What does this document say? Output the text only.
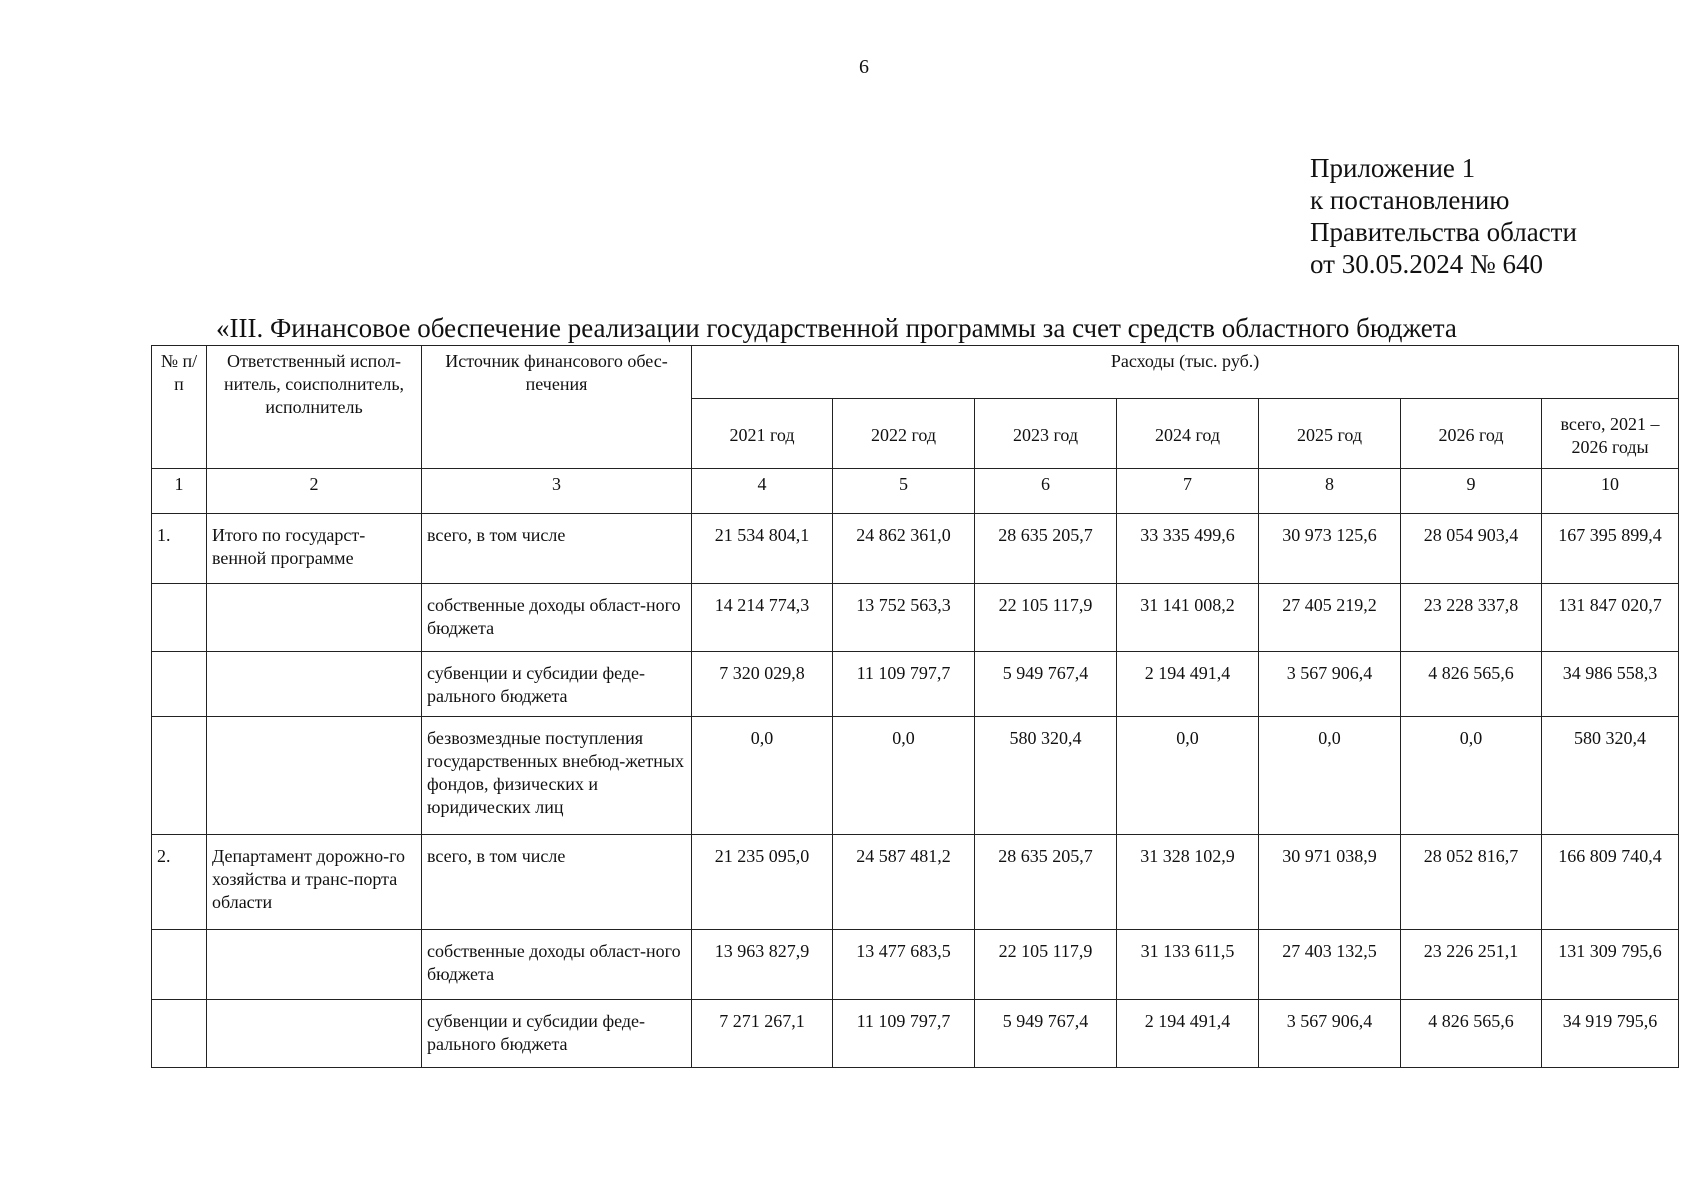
6
Приложение 1
к постановлению
Правительства области
от 30.05.2024 № 640
«III. Финансовое обеспечение реализации государственной программы за счет средств областного бюджета
№ п/п	Ответственный испол-нитель, соисполнитель, исполнитель	Источник финансового обес-печения	Расходы (тыс. руб.)						
			2021 год	2022 год	2023 год	2024 год	2025 год	2026 год	всего, 2021 – 2026 годы
1	2	3	4	5	6	7	8	9	10
1.	Итого по государст-венной программе	всего, в том числе	21 534 804,1	24 862 361,0	28 635 205,7	33 335 499,6	30 973 125,6	28 054 903,4	167 395 899,4
		собственные доходы област-ного бюджета	14 214 774,3	13 752 563,3	22 105 117,9	31 141 008,2	27 405 219,2	23 228 337,8	131 847 020,7
		субвенции и субсидии феде-рального бюджета	7 320 029,8	11 109 797,7	5 949 767,4	2 194 491,4	3 567 906,4	4 826 565,6	34 986 558,3
		безвозмездные поступления государственных внебюд-жетных фондов, физических и юридических лиц	0,0	0,0	580 320,4	0,0	0,0	0,0	580 320,4
2.	Департамент дорожно-го хозяйства и транс-порта области	всего, в том числе	21 235 095,0	24 587 481,2	28 635 205,7	31 328 102,9	30 971 038,9	28 052 816,7	166 809 740,4
		собственные доходы област-ного бюджета	13 963 827,9	13 477 683,5	22 105 117,9	31 133 611,5	27 403 132,5	23 226 251,1	131 309 795,6
		субвенции и субсидии феде-рального бюджета	7 271 267,1	11 109 797,7	5 949 767,4	2 194 491,4	3 567 906,4	4 826 565,6	34 919 795,6
